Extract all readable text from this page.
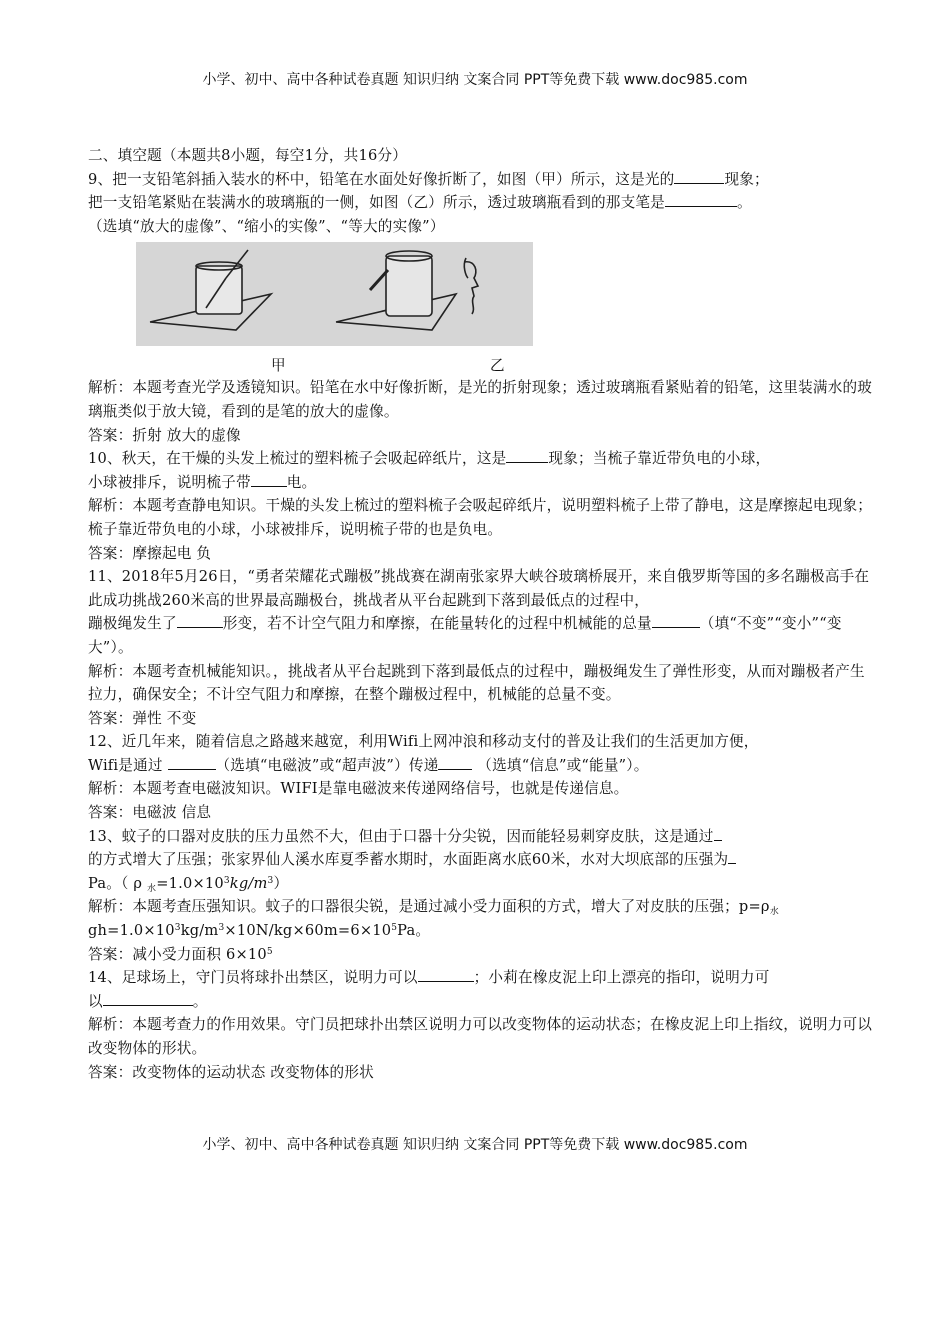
小学、初中、高中各种试卷真题 知识归纳 文案合同 PPT等免费下载 www.doc985.com

二、填空题（本题共8小题，每空1分，共16分）

9、把一支铅笔斜插入装水的杯中，铅笔在水面处好像折断了，如图（甲）所示，这是光的	现象；

把一支铅笔紧贴在装满水的玻璃瓶的一侧，如图（乙）所示，透过玻璃瓶看到的那支笔是	。

（选填“放大的虚像”、“缩小的实像”、“等大的实像”）

甲	乙

解析：本题考查光学及透镜知识。铅笔在水中好像折断，是光的折射现象；透过玻璃瓶看紧贴着的铅笔，这里装满水的玻璃瓶类似于放大镜，看到的是笔的放大的虚像。

答案：折射 放大的虚像

10、秋天，在干燥的头发上梳过的塑料梳子会吸起碎纸片，这是	现象；当梳子靠近带负电的小球，

小球被排斥，说明梳子带 电。

解析：本题考查静电知识。干燥的头发上梳过的塑料梳子会吸起碎纸片，说明塑料梳子上带了静电，这是摩擦起电现象；梳子靠近带负电的小球，小球被排斥，说明梳子带的也是负电。

答案：摩擦起电 负

11、2018年5月26日，“勇者荣耀花式蹦极”挑战赛在湖南张家界大峡谷玻璃桥展开，来自俄罗斯等国的多名蹦极高手在此成功挑战260米高的世界最高蹦极台，挑战者从平台起跳到下落到最低点的过程中，

蹦极绳发生了	形变，若不计空气阻力和摩擦，在能量转化的过程中机械能的总量	（填“不变”“变小”“变大”）。

解析：本题考查机械能知识。，挑战者从平台起跳到下落到最低点的过程中，蹦极绳发生了弹性形变，从而对蹦极者产生拉力，确保安全；不计空气阻力和摩擦，在整个蹦极过程中，机械能的总量不变。

答案：弹性 不变

12、近几年来，随着信息之路越来越宽，利用Wifi上网冲浪和移动支付的普及让我们的生活更加方便，

Wifi是通过	（选填“电磁波”或“超声波”）传递 （选填“信息”或“能量”）。

解析：本题考查电磁波知识。WIFI是靠电磁波来传递网络信号，也就是传递信息。

答案：电磁波 信息

13、蚊子的口器对皮肤的压力虽然不大，但由于口器十分尖锐，因而能轻易刺穿皮肤，这是通过

的方式增大了压强；张家界仙人溪水库夏季蓄水期时，水面距离水底60米，水对大坝底部的压强为

Pa。（ ρ $_水=1.0\times 10^3kg/m^3$）

解析：本题考查压强知识。蚊子的口器很尖锐，是通过减小受力面积的方式，增大了对皮肤的压强；$p=\rho_水gh=1.0\times 10^3kg/m^3\times 10N/kg\times 60m=6\times 10^5Pa$。

答案：减小受力面积 $6\times 10^5$

14、足球场上，守门员将球扑出禁区，说明力可以	；小莉在橡皮泥上印上漂亮的指印，说明力可

以	。

解析：本题考查力的作用效果。守门员把球扑出禁区说明力可以改变物体的运动状态；在橡皮泥上印上指纹，说明力可以改变物体的形状。

答案：改变物体的运动状态 改变物体的形状

小学、初中、高中各种试卷真题 知识归纳 文案合同 PPT等免费下载 www.doc985.com
